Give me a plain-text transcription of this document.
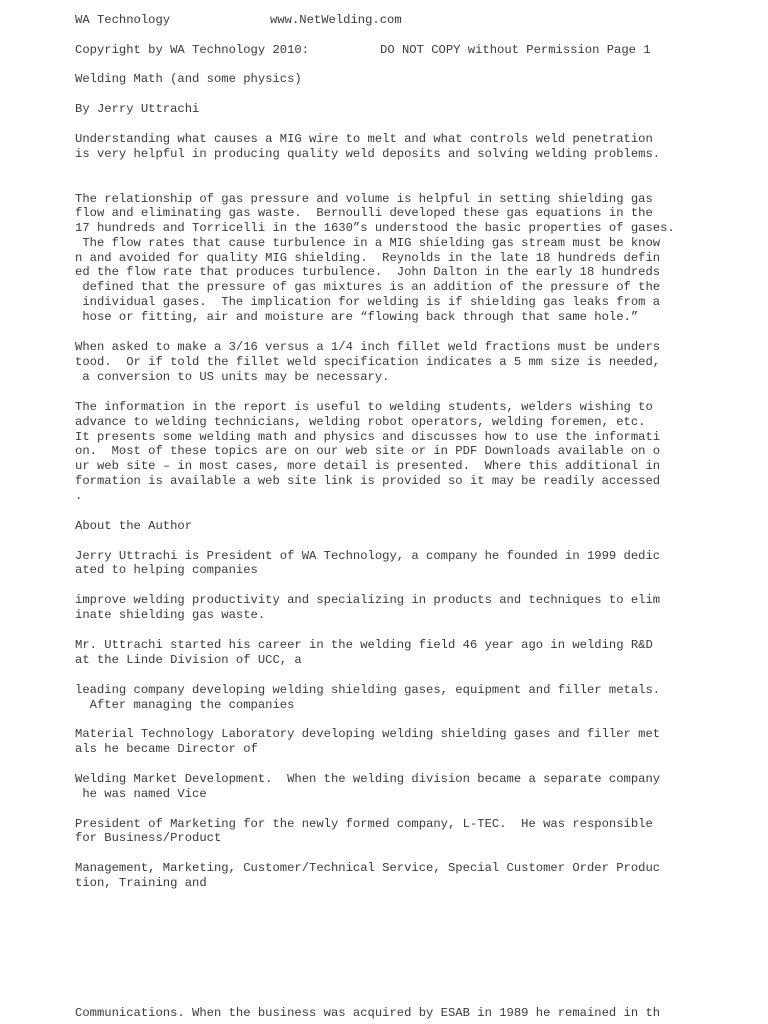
WA Technology	www.NetWelding.com
Copyright by WA Technology 2010:	DO NOT COPY without Permission Page 1
Welding Math (and some physics)
By Jerry Uttrachi
Understanding what causes a MIG wire to melt and what controls weld penetration
is very helpful in producing quality weld deposits and solving welding problems.
The relationship of gas pressure and volume is helpful in setting shielding gas
flow and eliminating gas waste.  Bernoulli developed these gas equations in the
17 hundreds and Torricelli in the 1630”s understood the basic properties of gases.
The flow rates that cause turbulence in a MIG shielding gas stream must be know
n and avoided for quality MIG shielding.  Reynolds in the late 18 hundreds defin
ed the flow rate that produces turbulence.  John Dalton in the early 18 hundreds
defined that the pressure of gas mixtures is an addition of the pressure of the
individual gases.  The implication for welding is if shielding gas leaks from a
hose or fitting, air and moisture are “flowing back through that same hole.”
When asked to make a 3/16 versus a 1/4 inch fillet weld fractions must be unders
tood.  Or if told the fillet weld specification indicates a 5 mm size is needed,
a conversion to US units may be necessary.
The information in the report is useful to welding students, welders wishing to
advance to welding technicians, welding robot operators, welding foremen, etc.
It presents some welding math and physics and discusses how to use the informati
on.  Most of these topics are on our web site or in PDF Downloads available on o
ur web site – in most cases, more detail is presented.  Where this additional in
formation is available a web site link is provided so it may be readily accessed
.
About the Author
Jerry Uttrachi is President of WA Technology, a company he founded in 1999 dedic
ated to helping companies
improve welding productivity and specializing in products and techniques to elim
inate shielding gas waste.
Mr. Uttrachi started his career in the welding field 46 year ago in welding R&D
at the Linde Division of UCC, a
leading company developing welding shielding gases, equipment and filler metals.
After managing the companies
Material Technology Laboratory developing welding shielding gases and filler met
als he became Director of
Welding Market Development.  When the welding division became a separate company
he was named Vice
President of Marketing for the newly formed company, L-TEC.  He was responsible
for Business/Product
Management, Marketing, Customer/Technical Service, Special Customer Order Produc
tion, Training and
Communications. When the business was acquired by ESAB in 1989 he remained in th
